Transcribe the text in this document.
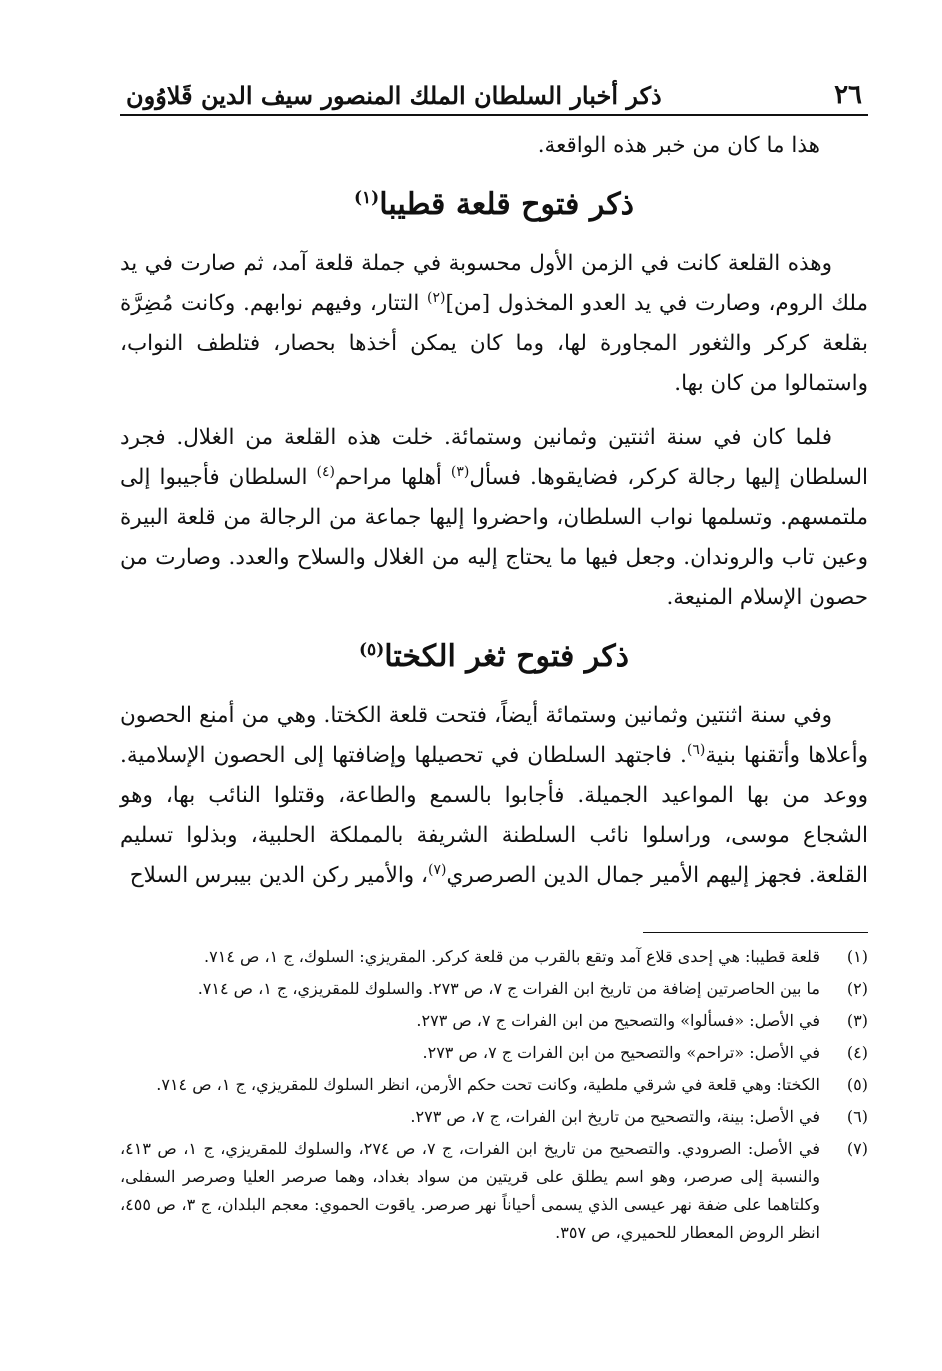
٢٦
ذكر أخبار السلطان الملك المنصور سيف الدين قَلاوُون

هذا ما كان من خبر هذه الواقعة.

ذكر فتوح قلعة قطيبا$^{(١)}$

وهذه القلعة كانت في الزمن الأول محسوبة في جملة قلعة آمد، ثم صارت في يد ملك الروم، وصارت في يد العدو المخذول [من]$^{(٢)}$ التتار، وفيهم نوابهم. وكانت مُضِرَّة بقلعة كركر والثغور المجاورة لها، وما كان يمكن أخذها بحصار، فتلطف النواب، واستمالوا من كان بها.

فلما كان في سنة اثنتين وثمانين وستمائة. خلت هذه القلعة من الغلال. فجرد السلطان إليها رجالة كركر، فضايقوها. فسأل$^{(٣)}$ أهلها مراحم$^{(٤)}$ السلطان فأجيبوا إلى ملتمسهم. وتسلمها نواب السلطان، واحضروا إليها جماعة من الرجالة من قلعة البيرة وعين تاب والروندان. وجعل فيها ما يحتاج إليه من الغلال والسلاح والعدد. وصارت من حصون الإسلام المنيعة.

ذكر فتوح ثغر الكختا$^{(٥)}$

وفي سنة اثنتين وثمانين وستمائة أيضاً، فتحت قلعة الكختا. وهي من أمنع الحصون وأعلاها وأتقنها بنية$^{(٦)}$. فاجتهد السلطان في تحصيلها وإضافتها إلى الحصون الإسلامية. ووعد من بها المواعيد الجميلة. فأجابوا بالسمع والطاعة، وقتلوا النائب بها، وهو الشجاع موسى، وراسلوا نائب السلطنة الشريفة بالمملكة الحلبية، وبذلوا تسليم القلعة. فجهز إليهم الأمير جمال الدين الصرصري$^{(٧)}$، والأمير ركن الدين بيبرس السلاح

(١)
قلعة قطيبا: هي إحدى قلاع آمد وتقع بالقرب من قلعة كركر. المقريزي: السلوك، ج ١، ص ٧١٤.
(٢)
ما بين الحاصرتين إضافة من تاريخ ابن الفرات ج ٧، ص ٢٧٣. والسلوك للمقريزي، ج ١، ص ٧١٤.
(٣)
في الأصل: «فسألوا» والتصحيح من ابن الفرات ج ٧، ص ٢٧٣.
(٤)
في الأصل: «تراحم» والتصحيح من ابن الفرات ج ٧، ص ٢٧٣.
(٥)
الكختا: وهي قلعة في شرقي ملطية، وكانت تحت حكم الأرمن، انظر السلوك للمقريزي، ج ١، ص ٧١٤.
(٦)
في الأصل: بينة، والتصحيح من تاريخ ابن الفرات، ج ٧، ص ٢٧٣.
(٧)
في الأصل: الصرودي. والتصحيح من تاريخ ابن الفرات، ج ٧، ص ٢٧٤، والسلوك للمقريزي، ج ١، ص ٤١٣، والنسبة إلى صرصر، وهو اسم يطلق على قريتين من سواد بغداد، وهما صرصر العليا وصرصر السفلى، وكلتاهما على ضفة نهر عيسى الذي يسمى أحياناً نهر صرصر. ياقوت الحموي: معجم البلدان، ج ٣، ص ٤٥٥، انظر الروض المعطار للحميري، ص ٣٥٧.
